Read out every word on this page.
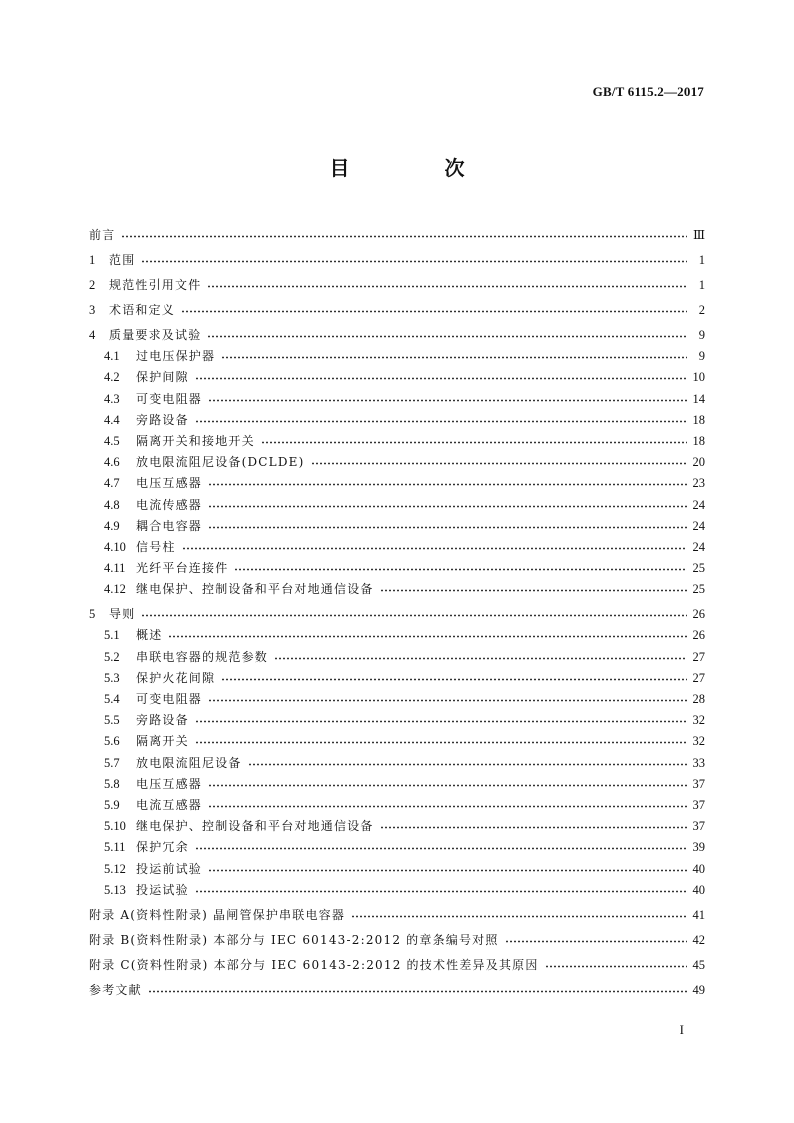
GB/T 6115.2—2017
目 次
前言	Ⅲ
1	范围	1
2	规范性引用文件	1
3	术语和定义	2
4	质量要求及试验	9
4.1	过电压保护器	9
4.2	保护间隙	10
4.3	可变电阻器	14
4.4	旁路设备	18
4.5	隔离开关和接地开关	18
4.6	放电限流阻尼设备(DCLDE)	20
4.7	电压互感器	23
4.8	电流传感器	24
4.9	耦合电容器	24
4.10 信号柱	24
4.11 光纤平台连接件	25
4.12 继电保护、控制设备和平台对地通信设备	25
5	导则	26
5.1	概述	26
5.2	串联电容器的规范参数	27
5.3	保护火花间隙	27
5.4	可变电阻器	28
5.5	旁路设备	32
5.6	隔离开关	32
5.7	放电限流阻尼设备	33
5.8	电压互感器	37
5.9	电流互感器	37
5.10 继电保护、控制设备和平台对地通信设备	37
5.11 保护冗余	39
5.12 投运前试验	40
5.13 投运试验	40
附录 A(资料性附录) 晶闸管保护串联电容器	41
附录 B(资料性附录) 本部分与 IEC 60143-2:2012 的章条编号对照	42
附录 C(资料性附录) 本部分与 IEC 60143-2:2012 的技术性差异及其原因	45
参考文献	49
I
